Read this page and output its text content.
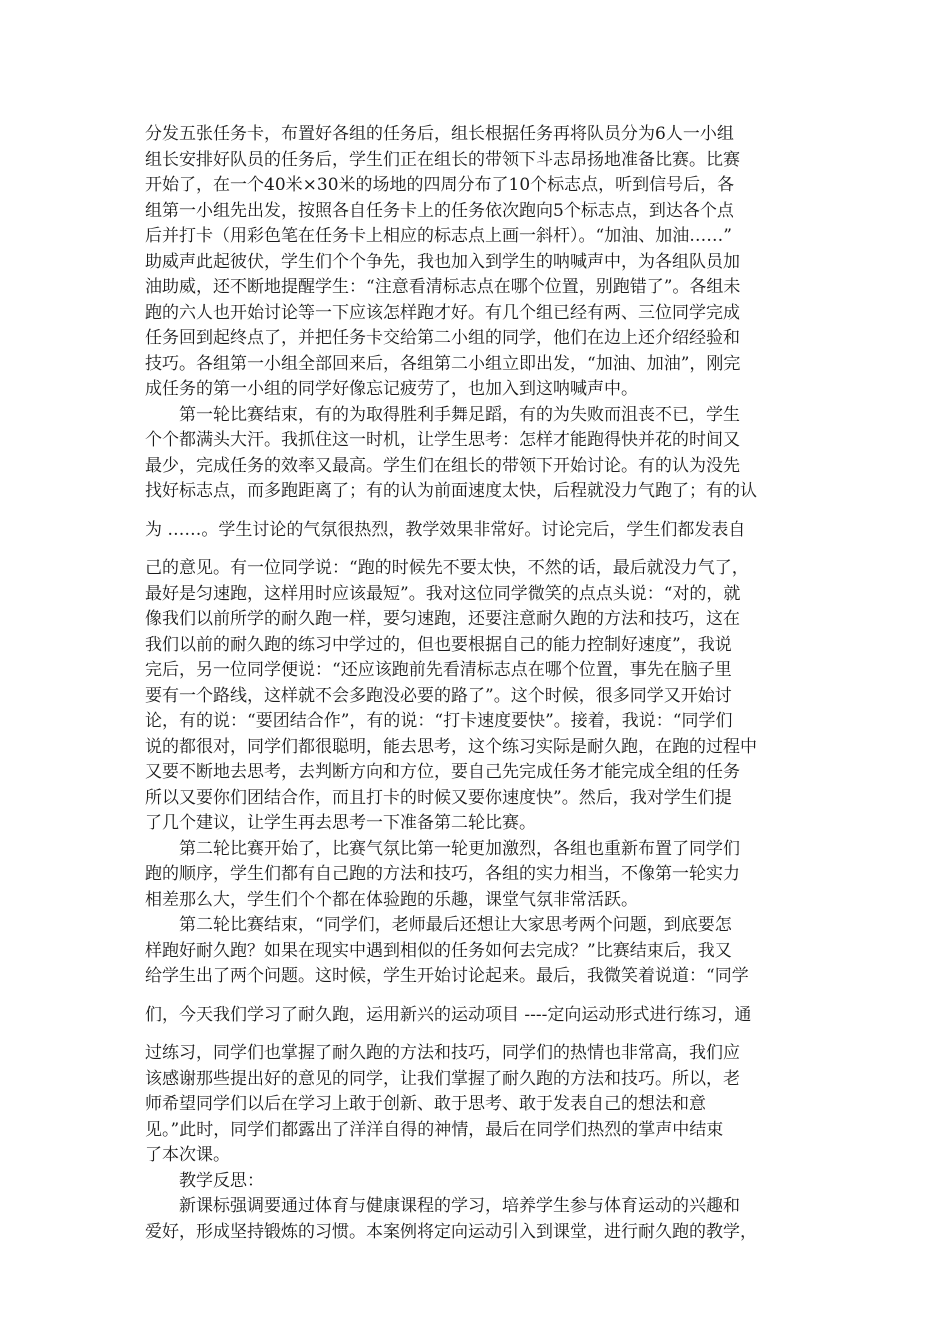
分发五张任务卡，布置好各组的任务后，组长根据任务再将队员分为6人一小组
组长安排好队员的任务后，学生们正在组长的带领下斗志昂扬地准备比赛。比赛
开始了，在一个40米×30米的场地的四周分布了10个标志点，听到信号后，各
组第一小组先出发，按照各自任务卡上的任务依次跑向5个标志点，到达各个点
后并打卡（用彩色笔在任务卡上相应的标志点上画一斜杆）。“加油、加油……”
助威声此起彼伏，学生们个个争先，我也加入到学生的呐喊声中，为各组队员加
油助威，还不断地提醒学生：“注意看清标志点在哪个位置，别跑错了”。各组未
跑的六人也开始讨论等一下应该怎样跑才好。有几个组已经有两、三位同学完成
任务回到起终点了，并把任务卡交给第二小组的同学，他们在边上还介绍经验和
技巧。各组第一小组全部回来后，各组第二小组立即出发，“加油、加油”，刚完
成任务的第一小组的同学好像忘记疲劳了，也加入到这呐喊声中。
第一轮比赛结束，有的为取得胜利手舞足蹈，有的为失败而沮丧不已，学生
个个都满头大汗。我抓住这一时机，让学生思考：怎样才能跑得快并花的时间又
最少，完成任务的效率又最高。学生们在组长的带领下开始讨论。有的认为没先
找好标志点，而多跑距离了；有的认为前面速度太快，后程就没力气跑了；有的认
为 ……。学生讨论的气氛很热烈，教学效果非常好。讨论完后，学生们都发表自
己的意见。有一位同学说：“跑的时候先不要太快，不然的话，最后就没力气了，
最好是匀速跑，这样用时应该最短”。我对这位同学微笑的点点头说：“对的，就
像我们以前所学的耐久跑一样，要匀速跑，还要注意耐久跑的方法和技巧，这在
我们以前的耐久跑的练习中学过的，但也要根据自己的能力控制好速度”，我说
完后，另一位同学便说：“还应该跑前先看清标志点在哪个位置，事先在脑子里
要有一个路线，这样就不会多跑没必要的路了”。这个时候，很多同学又开始讨
论，有的说：“要团结合作”，有的说：“打卡速度要快”。接着，我说：“同学们
说的都很对，同学们都很聪明，能去思考，这个练习实际是耐久跑，在跑的过程中
又要不断地去思考，去判断方向和方位，要自己先完成任务才能完成全组的任务
所以又要你们团结合作，而且打卡的时候又要你速度快”。然后，我对学生们提
了几个建议，让学生再去思考一下准备第二轮比赛。
第二轮比赛开始了，比赛气氛比第一轮更加激烈，各组也重新布置了同学们
跑的顺序，学生们都有自己跑的方法和技巧，各组的实力相当，不像第一轮实力
相差那么大，学生们个个都在体验跑的乐趣，课堂气氛非常活跃。
第二轮比赛结束，“同学们，老师最后还想让大家思考两个问题，到底要怎
样跑好耐久跑？如果在现实中遇到相似的任务如何去完成？”比赛结束后，我又
给学生出了两个问题。这时候，学生开始讨论起来。最后，我微笑着说道：“同学
们，今天我们学习了耐久跑，运用新兴的运动项目 ----定向运动形式进行练习，通
过练习，同学们也掌握了耐久跑的方法和技巧，同学们的热情也非常高，我们应
该感谢那些提出好的意见的同学，让我们掌握了耐久跑的方法和技巧。所以，老
师希望同学们以后在学习上敢于创新、敢于思考、敢于发表自己的想法和意
见。”此时，同学们都露出了洋洋自得的神情，最后在同学们热烈的掌声中结束
了本次课。
教学反思：
新课标强调要通过体育与健康课程的学习，培养学生参与体育运动的兴趣和
爱好，形成坚持锻炼的习惯。本案例将定向运动引入到课堂，进行耐久跑的教学，
